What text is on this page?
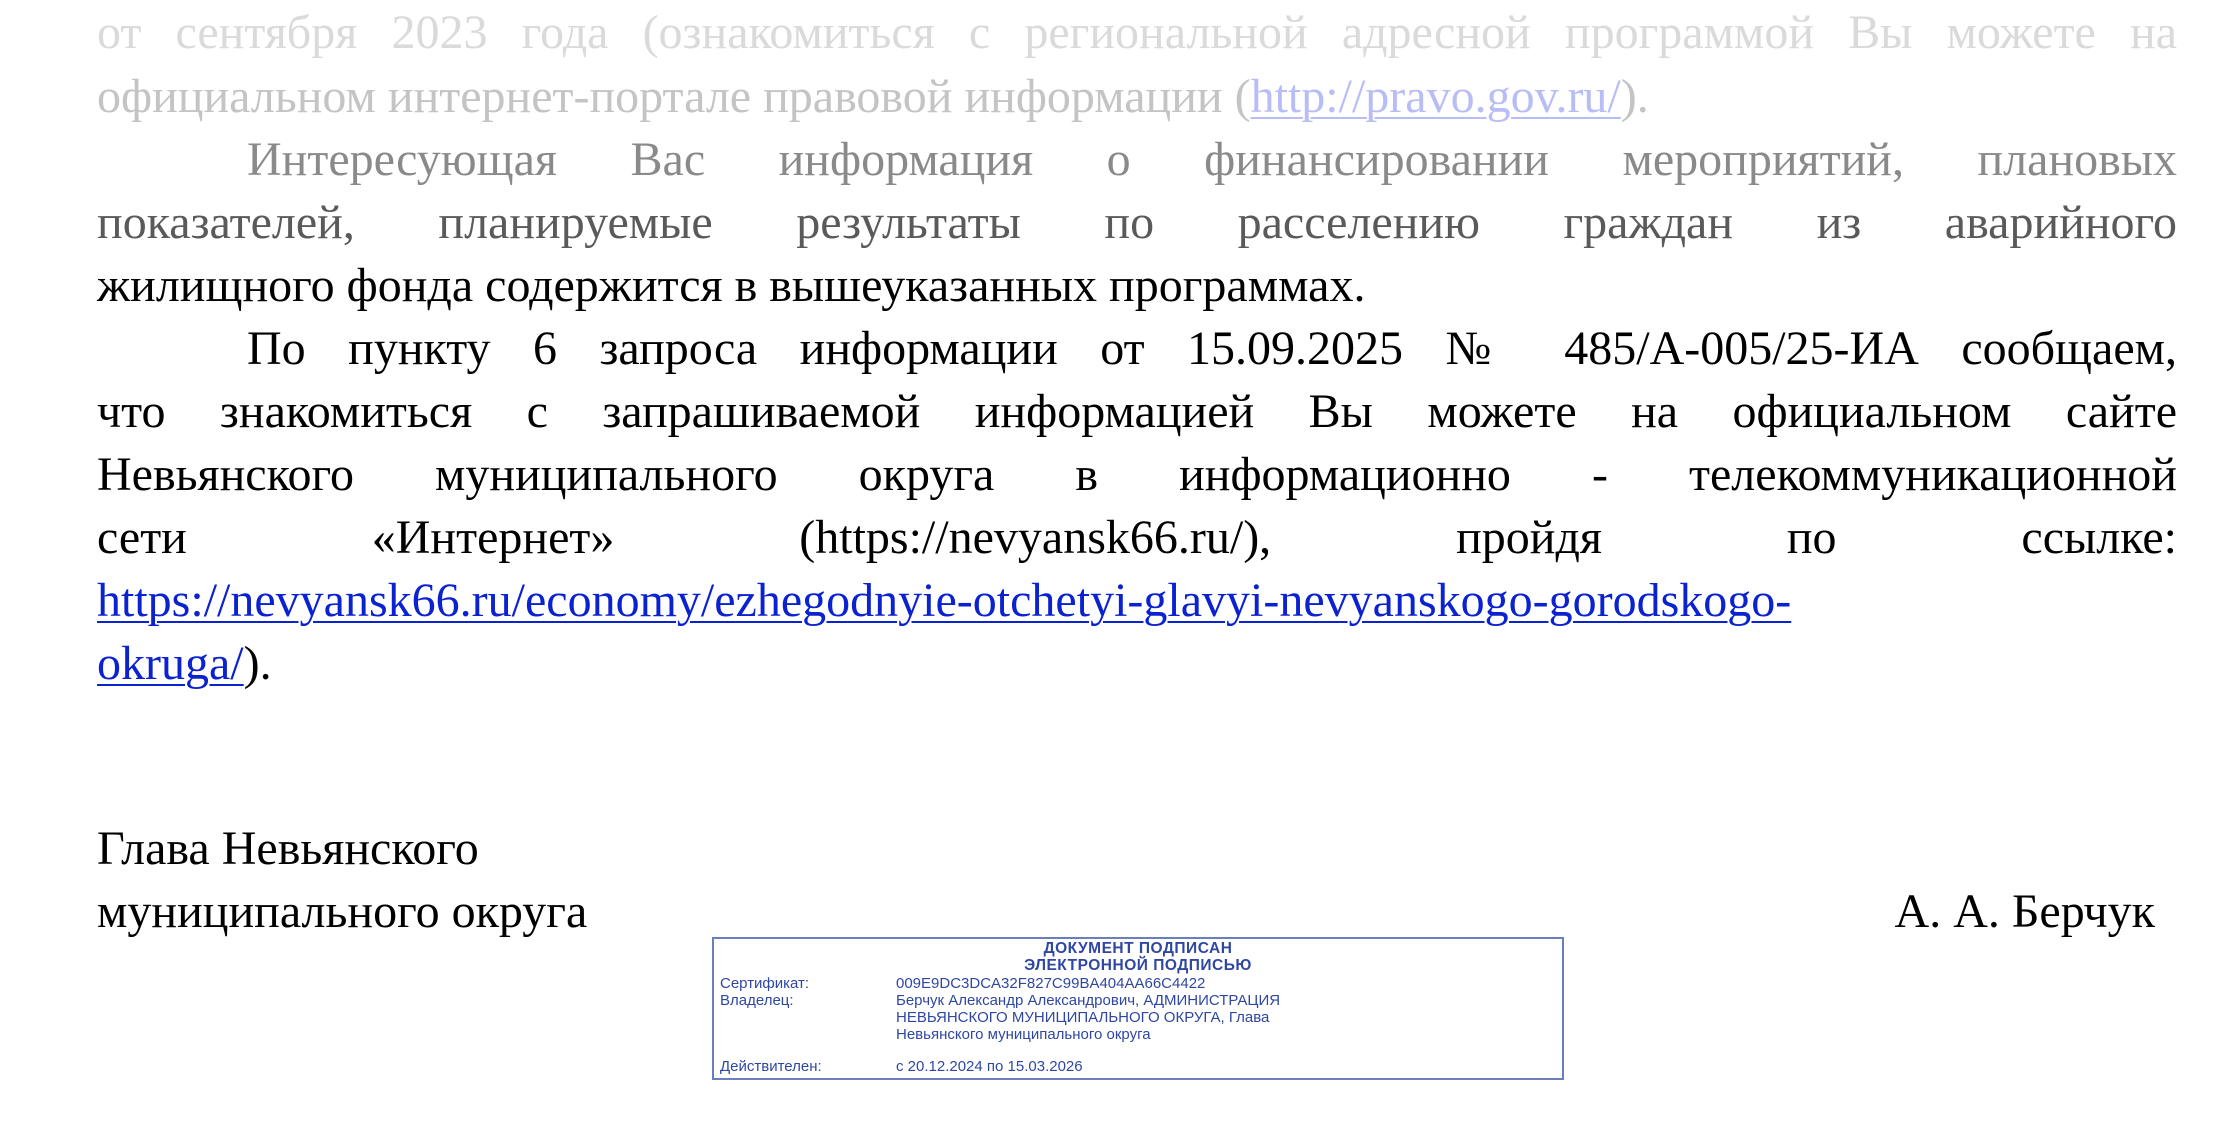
от сентября 2023 года (ознакомиться с региональной адресной программой Вы можете на
официальном интернет-портале правовой информации (http://pravo.gov.ru/).
Интересующая Вас информация о финансировании мероприятий, плановых
показателей, планируемые результаты по расселению граждан из аварийного
жилищного фонда содержится в вышеуказанных программах.
По пункту 6 запроса информации от 15.09.2025 № 485/А-005/25-ИА сообщаем,
что знакомиться с запрашиваемой информацией Вы можете на официальном сайте
Невьянского муниципального округа в информационно - телекоммуникационной
сети «Интернет» (https://nevyansk66.ru/), пройдя по ссылке:
https://nevyansk66.ru/economy/ezhegodnyie-otchetyi-glavyi-nevyanskogo-gorodskogo-
okruga/).
Глава Невьянского
муниципального округа	А. А. Берчук
ДОКУМЕНТ ПОДПИСАН
ЭЛЕКТРОННОЙ ПОДПИСЬЮ
Сертификат:	009E9DC3DCA32F827C99BA404AA66C4422
Владелец:	Берчук Александр Александрович, АДМИНИСТРАЦИЯ
НЕВЬЯНСКОГО МУНИЦИПАЛЬНОГО ОКРУГА, Глава
Невьянского муниципального округа
Действителен:	с 20.12.2024 по 15.03.2026
